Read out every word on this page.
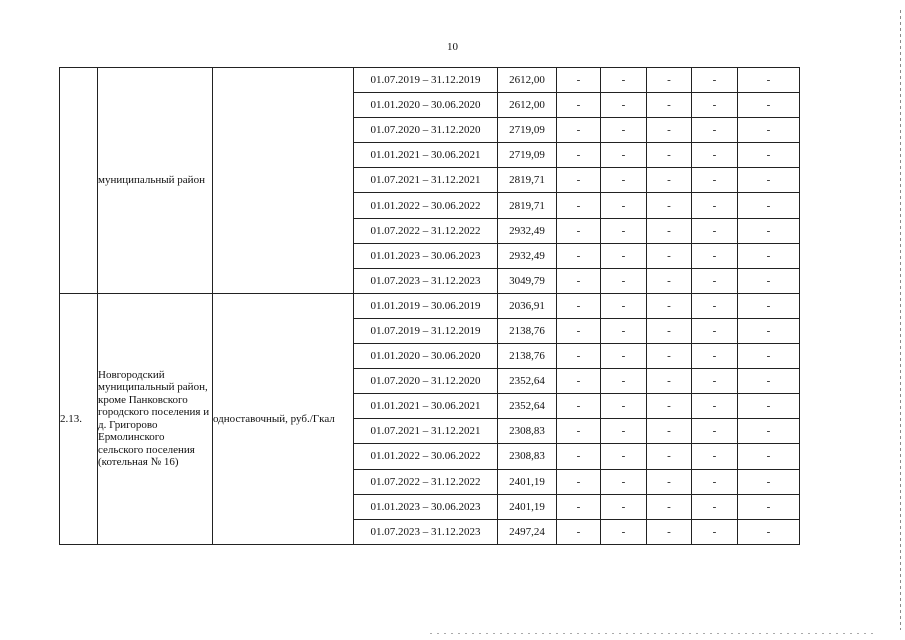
10
	муниципальный район		01.07.2019 – 31.12.2019	2612,00	-	-	-	-	-
			01.01.2020 – 30.06.2020	2612,00	-	-	-	-	-
			01.07.2020 – 31.12.2020	2719,09	-	-	-	-	-
			01.01.2021 – 30.06.2021	2719,09	-	-	-	-	-
			01.07.2021 – 31.12.2021	2819,71	-	-	-	-	-
			01.01.2022 – 30.06.2022	2819,71	-	-	-	-	-
			01.07.2022 – 31.12.2022	2932,49	-	-	-	-	-
			01.01.2023 – 30.06.2023	2932,49	-	-	-	-	-
			01.07.2023 – 31.12.2023	3049,79	-	-	-	-	-
2.13.	Новгородский муниципальный район, кроме Панковского городского поселения и д. Григорово Ермолинского сельского поселения (котельная № 16)	одноставочный, руб./Гкал	01.01.2019 – 30.06.2019	2036,91	-	-	-	-	-
			01.07.2019 – 31.12.2019	2138,76	-	-	-	-	-
			01.01.2020 – 30.06.2020	2138,76	-	-	-	-	-
			01.07.2020 – 31.12.2020	2352,64	-	-	-	-	-
			01.01.2021 – 30.06.2021	2352,64	-	-	-	-	-
			01.07.2021 – 31.12.2021	2308,83	-	-	-	-	-
			01.01.2022 – 30.06.2022	2308,83	-	-	-	-	-
			01.07.2022 – 31.12.2022	2401,19	-	-	-	-	-
			01.01.2023 – 30.06.2023	2401,19	-	-	-	-	-
			01.07.2023 – 31.12.2023	2497,24	-	-	-	-	-
